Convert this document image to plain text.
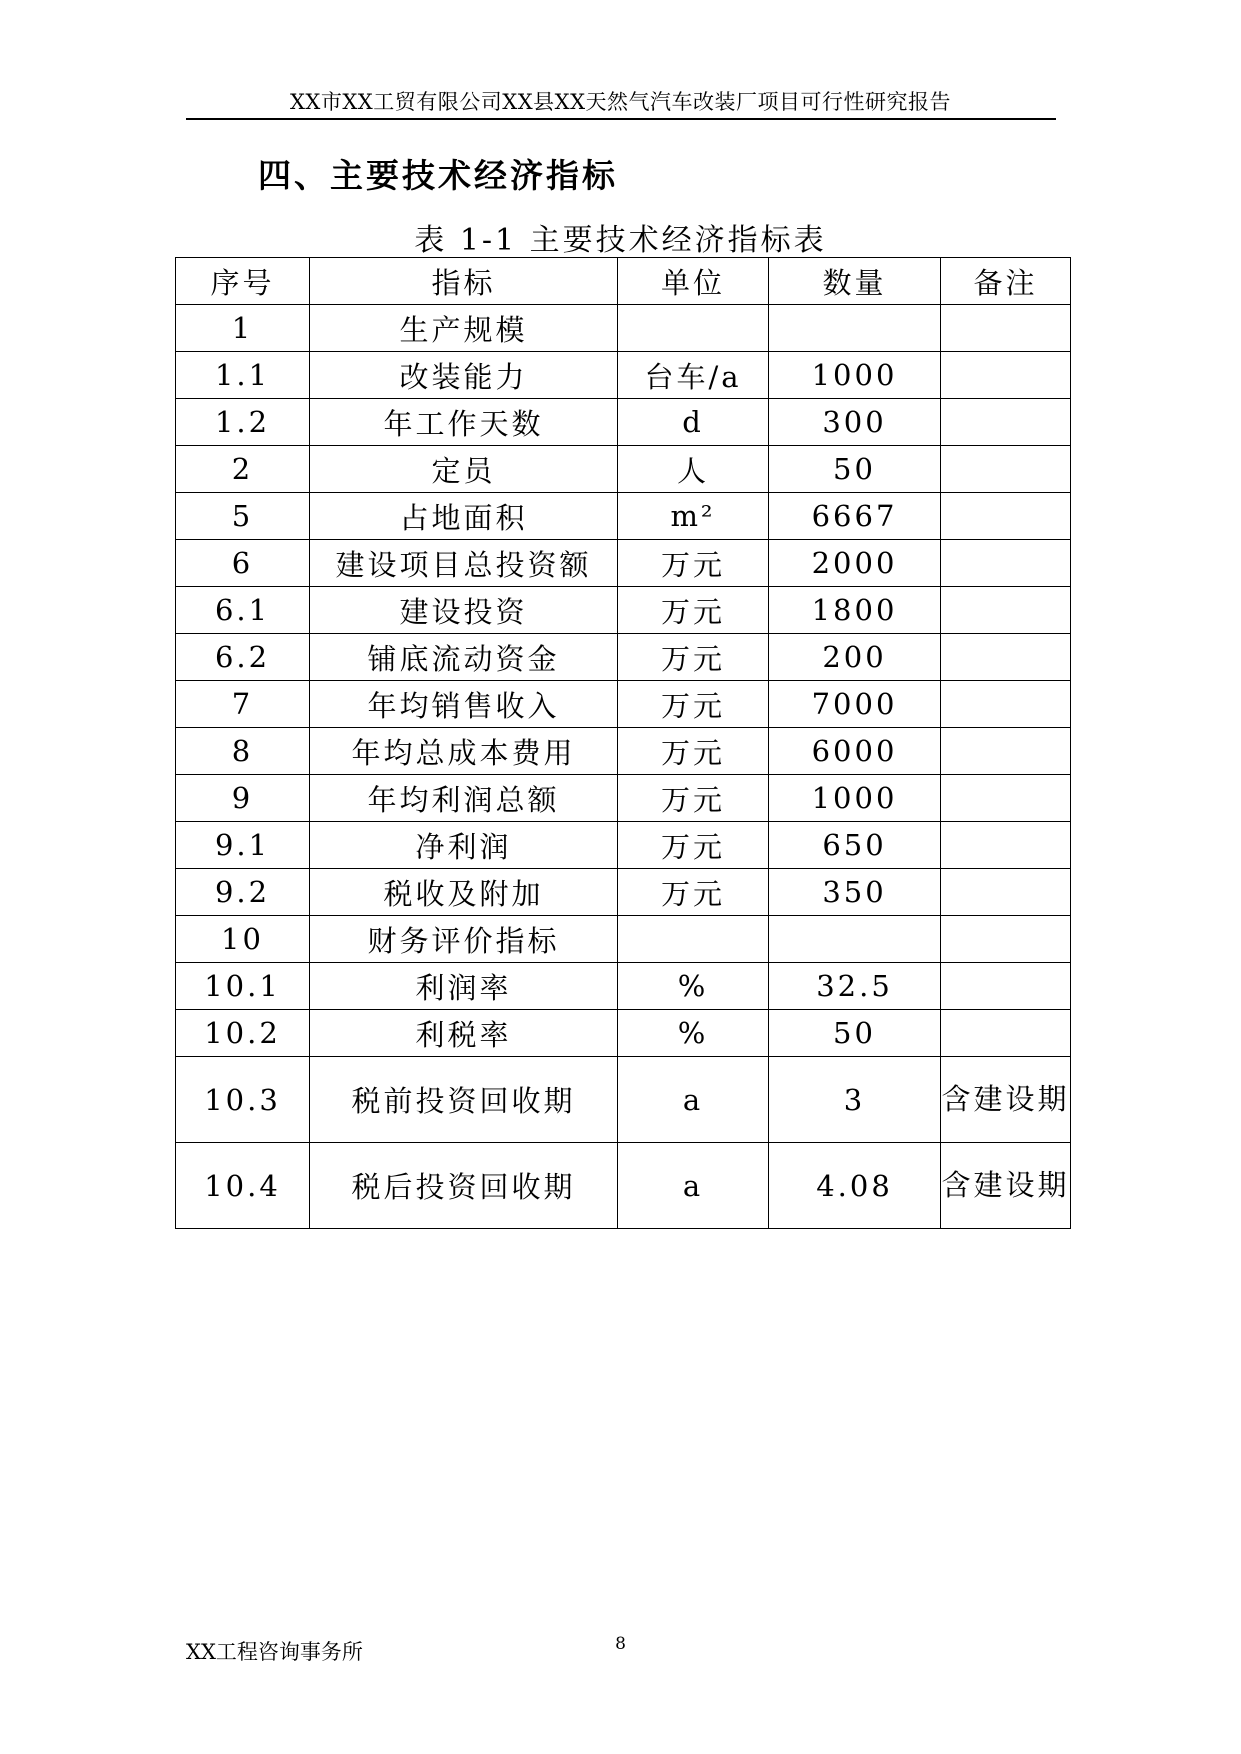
XX市XX工贸有限公司XX县XX天然气汽车改装厂项目可行性研究报告
四、主要技术经济指标
表 1-1 主要技术经济指标表
序号	指标	单位	数量	备注
1	生产规模			
1.1	改装能力	台车/a	1000	
1.2	年工作天数	d	300	
2	定员	人	50	
5	占地面积	m²	6667	
6	建设项目总投资额	万元	2000	
6.1	建设投资	万元	1800	
6.2	铺底流动资金	万元	200	
7	年均销售收入	万元	7000	
8	年均总成本费用	万元	6000	
9	年均利润总额	万元	1000	
9.1	净利润	万元	650	
9.2	税收及附加	万元	350	
10	财务评价指标			
10.1	利润率	%	32.5	
10.2	利税率	%	50	
10.3	税前投资回收期	a	3	含建设期
10.4	税后投资回收期	a	4.08	含建设期
XX工程咨询事务所	8
